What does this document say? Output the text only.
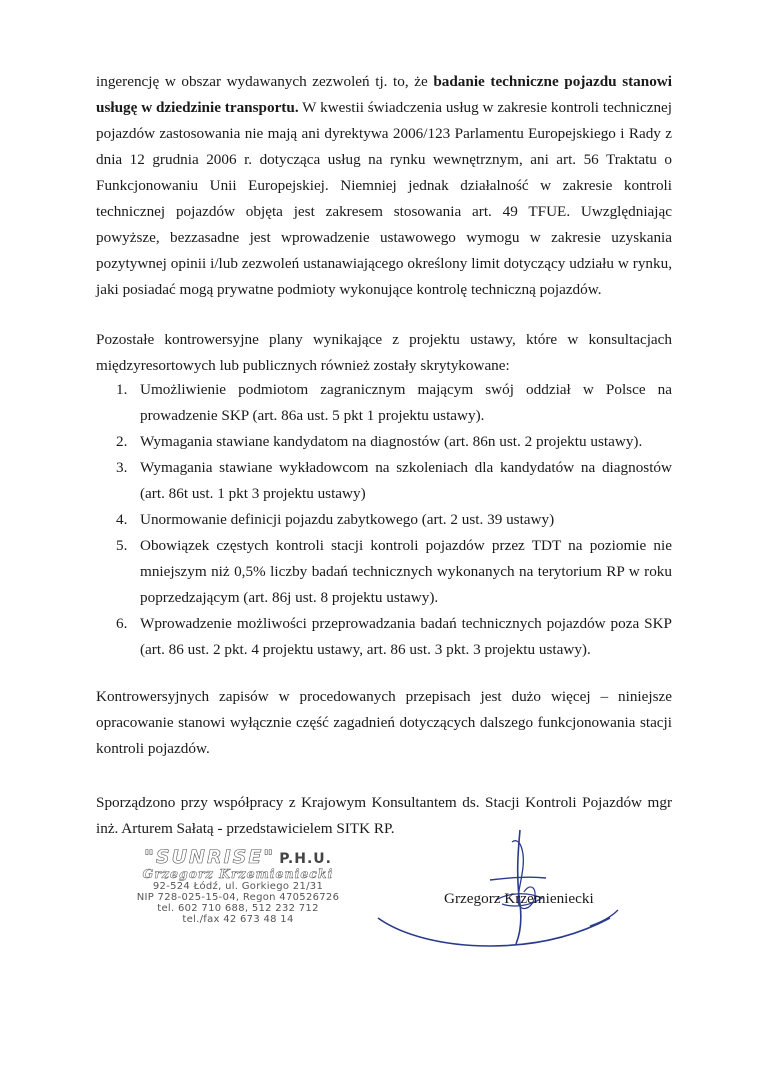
ingerencję w obszar wydawanych zezwoleń tj. to, że badanie techniczne pojazdu stanowi usługę w dziedzinie transportu. W kwestii świadczenia usług w zakresie kontroli technicznej pojazdów zastosowania nie mają ani dyrektywa 2006/123 Parlamentu Europejskiego i Rady z dnia 12 grudnia 2006 r. dotycząca usług na rynku wewnętrznym, ani art. 56 Traktatu o Funkcjonowaniu Unii Europejskiej. Niemniej jednak działalność w zakresie kontroli technicznej pojazdów objęta jest zakresem stosowania art. 49 TFUE. Uwzględniając powyższe, bezzasadne jest wprowadzenie ustawowego wymogu w zakresie uzyskania pozytywnej opinii i/lub zezwoleń ustanawiającego określony limit dotyczący udziału w rynku, jaki posiadać mogą prywatne podmioty wykonujące kontrolę techniczną pojazdów.

Pozostałe kontrowersyjne plany wynikające z projektu ustawy, które w konsultacjach międzyresortowych lub publicznych również zostały skrytykowane:

1. Umożliwienie podmiotom zagranicznym mającym swój oddział w Polsce na prowadzenie SKP (art. 86a ust. 5 pkt 1 projektu ustawy).
2. Wymagania stawiane kandydatom na diagnostów (art. 86n ust. 2 projektu ustawy).
3. Wymagania stawiane wykładowcom na szkoleniach dla kandydatów na diagnostów (art. 86t ust. 1 pkt 3 projektu ustawy)
4. Unormowanie definicji pojazdu zabytkowego (art. 2 ust. 39 ustawy)
5. Obowiązek częstych kontroli stacji kontroli pojazdów przez TDT na poziomie nie mniejszym niż 0,5% liczby badań technicznych wykonanych na terytorium RP w roku poprzedzającym (art. 86j ust. 8 projektu ustawy).
6. Wprowadzenie możliwości przeprowadzania badań technicznych pojazdów poza SKP (art. 86 ust. 2 pkt. 4 projektu ustawy, art. 86 ust. 3 pkt. 3 projektu ustawy).

Kontrowersyjnych zapisów w procedowanych przepisach jest dużo więcej – niniejsze opracowanie stanowi wyłącznie część zagadnień dotyczących dalszego funkcjonowania stacji kontroli pojazdów.

Sporządzono przy współpracy z Krajowym Konsultantem ds. Stacji Kontroli Pojazdów mgr inż. Arturem Sałatą - przedstawicielem SITK RP.

"SUNRISE" P.H.U.
Grzegorz Krzemieniecki
92-524 Łódź, ul. Gorkiego 21/31
NIP 728-025-15-04, Regon 470526726
tel. 602 710 688, 512 232 712
tel./fax 42 673 48 14
Grzegorz Krzemieniecki
